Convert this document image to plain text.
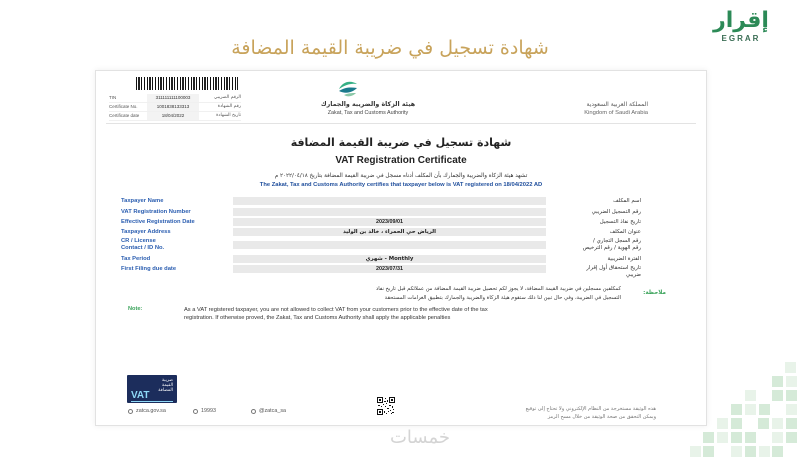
إقرار
EGRAR
شهادة تسجيل في ضريبة القيمة المضافة
TIN	311111111100003	الرقم الضريبي
Certificate No.	1001838133313	رقم الشهادة
Certificate date	18/04/2022	تاريخ الشهادة
هيئة الزكاة والضريبة والجمارك
Zakat, Tax and Customs Authority
المملكة العربية السعودية
Kingdom of Saudi Arabia
شهادة تسجيل في ضريبة القيمة المضافة
VAT Registration Certificate
تشهد هيئة الزكاة والضريبة والجمارك بأن المكلف أدناه مسجل في ضريبة القيمة المضافة بتاريخ ٢٠٢٢/٠٤/١٨ م
The Zakat, Tax and Customs Authority certifies that taxpayer below is VAT registered on 18/04/2022 AD
Taxpayer Name	اسم المكلف
VAT Registration Number	رقم التسجيل الضريبي
Effective Registration Date	2023/09/01	تاريخ نفاذ التسجيل
Taxpayer Address	الرياض حي الحمراء ، خالد بن الوليد	عنوان المكلف
CR / License
Contact / ID No.
رقم السجل التجاري /
رقم الهوية / رقم الترخيص
Tax Period	شهري - Monthly	الفترة الضريبية
First Filing due date	2023/07/31	تاريخ استحقاق أول إقرار
ضريبي
ملاحظة:
كمكلفين مسجلين في ضريبة القيمة المضافة، لا يجوز لكم تحصيل ضريبة القيمة المضافة من عملائكم قبل تاريخ نفاذ
التسجيل في الضريبة، وفي حال تبين لنا ذلك ستقوم هيئة الزكاة والضريبة والجمارك بتطبيق الغرامات المستحقة
Note:	As a VAT registered taxpayer, you are not allowed to collect VAT from your customers prior to the effective date of the tax
registration. If otherwise proved, the Zakat, Tax and Customs Authority shall apply the applicable penalties
ضريبة
القيمة
المضافة
VAT
zatca.gov.sa	19993	@zatca_sa	هذه الوثيقة مستخرجة من النظام الإلكتروني ولا تحتاج إلى توقيع
ويمكن التحقق من صحة الوثيقة من خلال مسح الرمز
خمسات
